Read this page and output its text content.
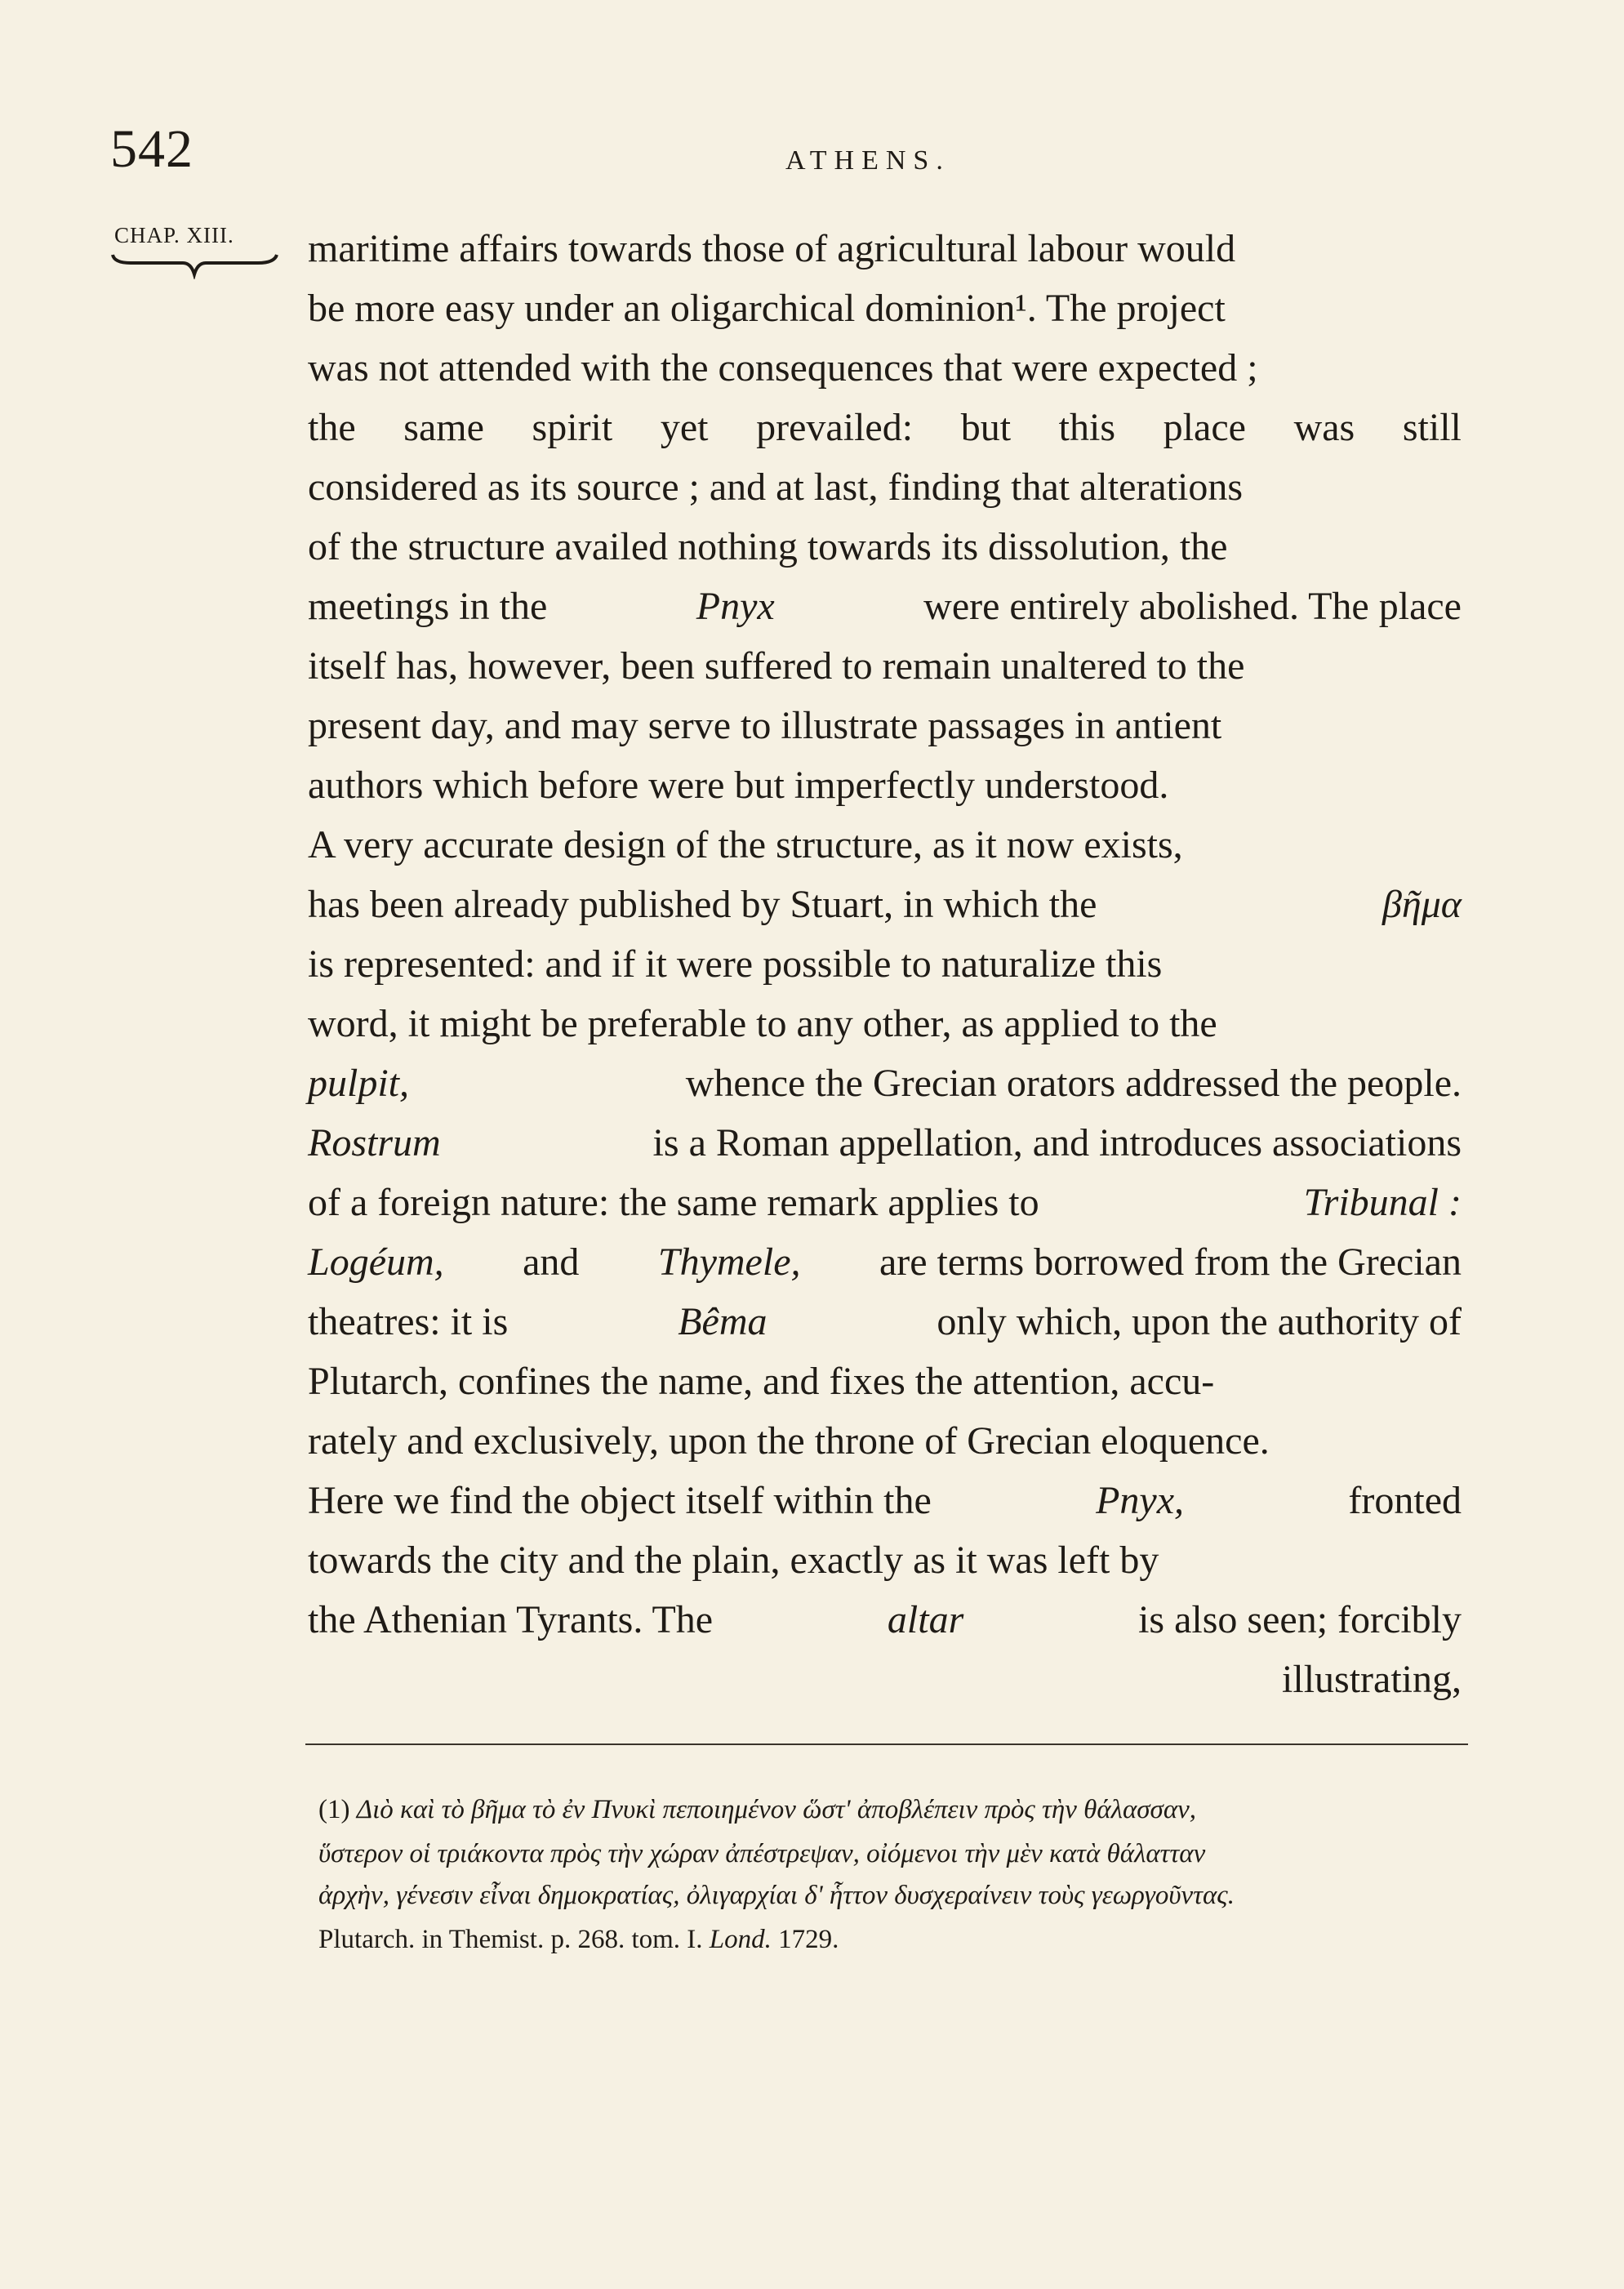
542	ATHENS.
CHAP. XIII. maritime affairs towards those of agricultural labour would
be more easy under an oligarchical dominion¹. The project
was not attended with the consequences that were expected ;
the same spirit yet prevailed: but this place was still
considered as its source ; and at last, finding that alterations
of the structure availed nothing towards its dissolution, the
meetings in the	Pnyx	were entirely abolished. The place
itself has, however, been suffered to remain unaltered to the
present day, and may serve to illustrate passages in antient
authors which before were but imperfectly understood.
A very accurate design of the structure, as it now exists,
has been already published by Stuart, in which the	βῆμα
is represented: and if it were possible to naturalize this
word, it might be preferable to any other, as applied to the
pulpit,	whence the Grecian orators addressed the people.
Rostrum	is a Roman appellation, and introduces associations
of a foreign nature: the same remark applies to	Tribunal :
Logéum, and Thymele, are terms borrowed from the Grecian
theatres: it is	Bêma	only which, upon the authority of
Plutarch, confines the name, and fixes the attention, accu-
rately and exclusively, upon the throne of Grecian eloquence.
Here we find the object itself within the	Pnyx,	fronted
towards the city and the plain, exactly as it was left by
the Athenian Tyrants. The	altar	is also seen; forcibly
illustrating,
(1) Διὸ καὶ τὸ βῆμα τὸ ἐν Πνυκὶ πεποιημένον ὥστ' ἀποβλέπειν πρὸς τὴν θάλασσαν,
ὕστερον οἱ τριάκοντα πρὸς τὴν χώραν ἀπέστρεψαν, οἰόμενοι τὴν μὲν κατὰ θάλατταν
ἀρχὴν, γένεσιν εἶναι δημοκρατίας, ὀλιγαρχίαι δ' ἧττον δυσχεραίνειν τοὺς γεωργοῦντας.
Plutarch. in Themist. p. 268. tom. I. Lond. 1729.
